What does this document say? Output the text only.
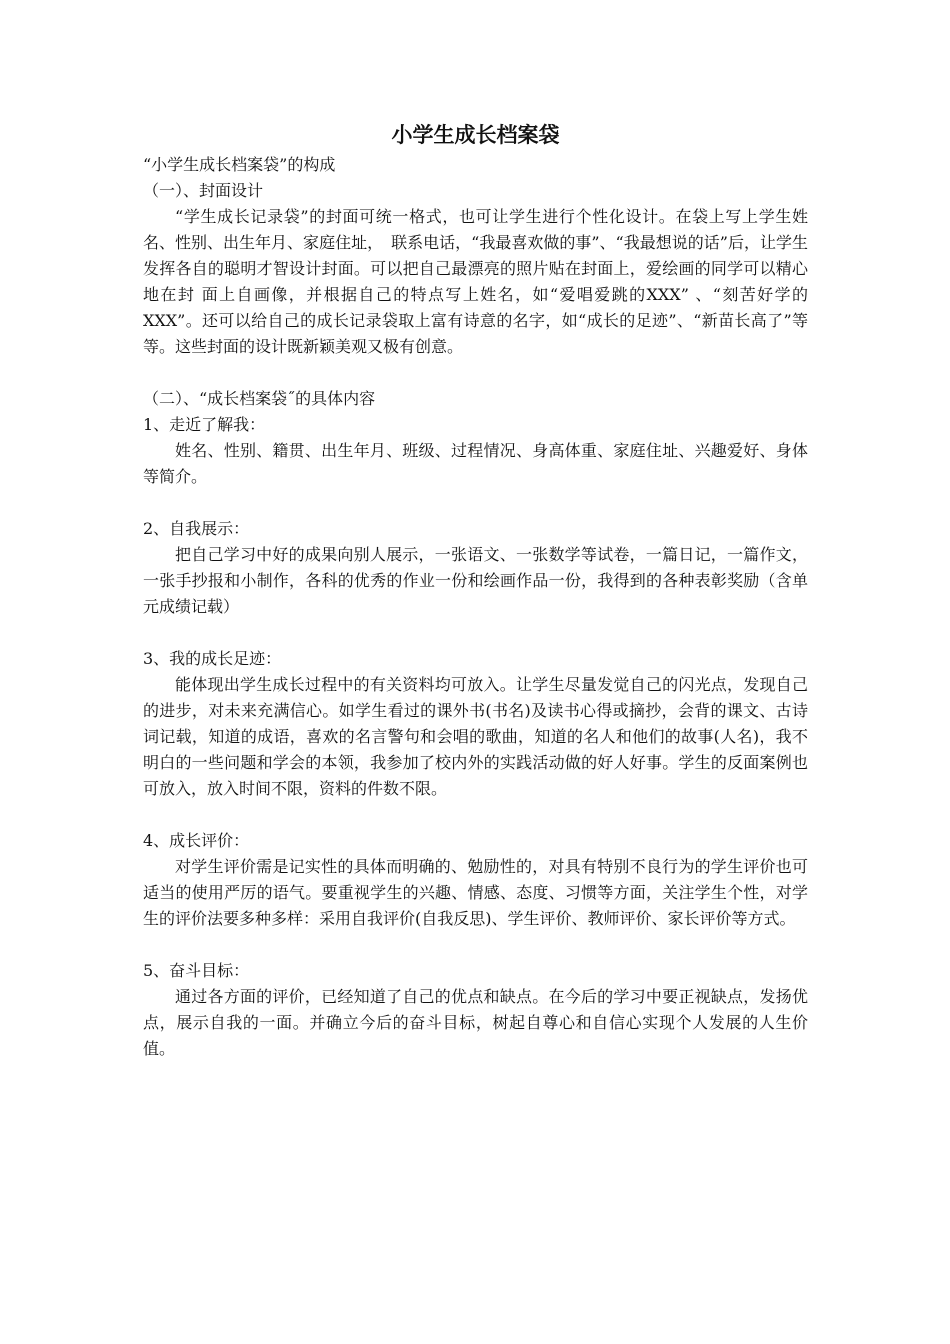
小学生成长档案袋

“小学生成长档案袋”的构成

（一）、封面设计

“学生成长记录袋”的封面可统一格式，也可让学生进行个性化设计。在袋上写上学生姓名、性别、出生年月、家庭住址，　联系电话，“我最喜欢做的事”、“我最想说的话”后，让学生发挥各自的聪明才智设计封面。可以把自己最漂亮的照片贴在封面上，爱绘画的同学可以精心地在封 面上自画像，并根据自己的特点写上姓名，如“爱唱爱跳的XXX” 、“刻苦好学的XXX”。还可以给自己的成长记录袋取上富有诗意的名字，如“成长的足迹”、“新苗长高了”等等。这些封面的设计既新颖美观又极有创意。

（二）、“成长档案袋˝的具体内容

1、走近了解我：

姓名、性别、籍贯、出生年月、班级、过程情况、身高体重、家庭住址、兴趣爱好、身体等简介。

2、自我展示：

把自己学习中好的成果向别人展示，一张语文、一张数学等试卷，一篇日记，一篇作文，一张手抄报和小制作，各科的优秀的作业一份和绘画作品一份，我得到的各种表彰奖励（含单元成绩记载）

3、我的成长足迹：

能体现出学生成长过程中的有关资料均可放入。让学生尽量发觉自己的闪光点，发现自己的进步，对未来充满信心。如学生看过的课外书(书名)及读书心得或摘抄，会背的课文、古诗词记载，知道的成语，喜欢的名言警句和会唱的歌曲，知道的名人和他们的故事(人名)，我不明白的一些问题和学会的本领，我参加了校内外的实践活动做的好人好事。学生的反面案例也可放入，放入时间不限，资料的件数不限。

4、成长评价：

对学生评价需是记实性的具体而明确的、勉励性的，对具有特别不良行为的学生评价也可适当的使用严厉的语气。要重视学生的兴趣、情感、态度、习惯等方面，关注学生个性，对学生的评价法要多种多样：采用自我评价(自我反思)、学生评价、教师评价、家长评价等方式。

5、奋斗目标：

通过各方面的评价，已经知道了自己的优点和缺点。在今后的学习中要正视缺点，发扬优点，展示自我的一面。并确立今后的奋斗目标，树起自尊心和自信心实现个人发展的人生价值。
